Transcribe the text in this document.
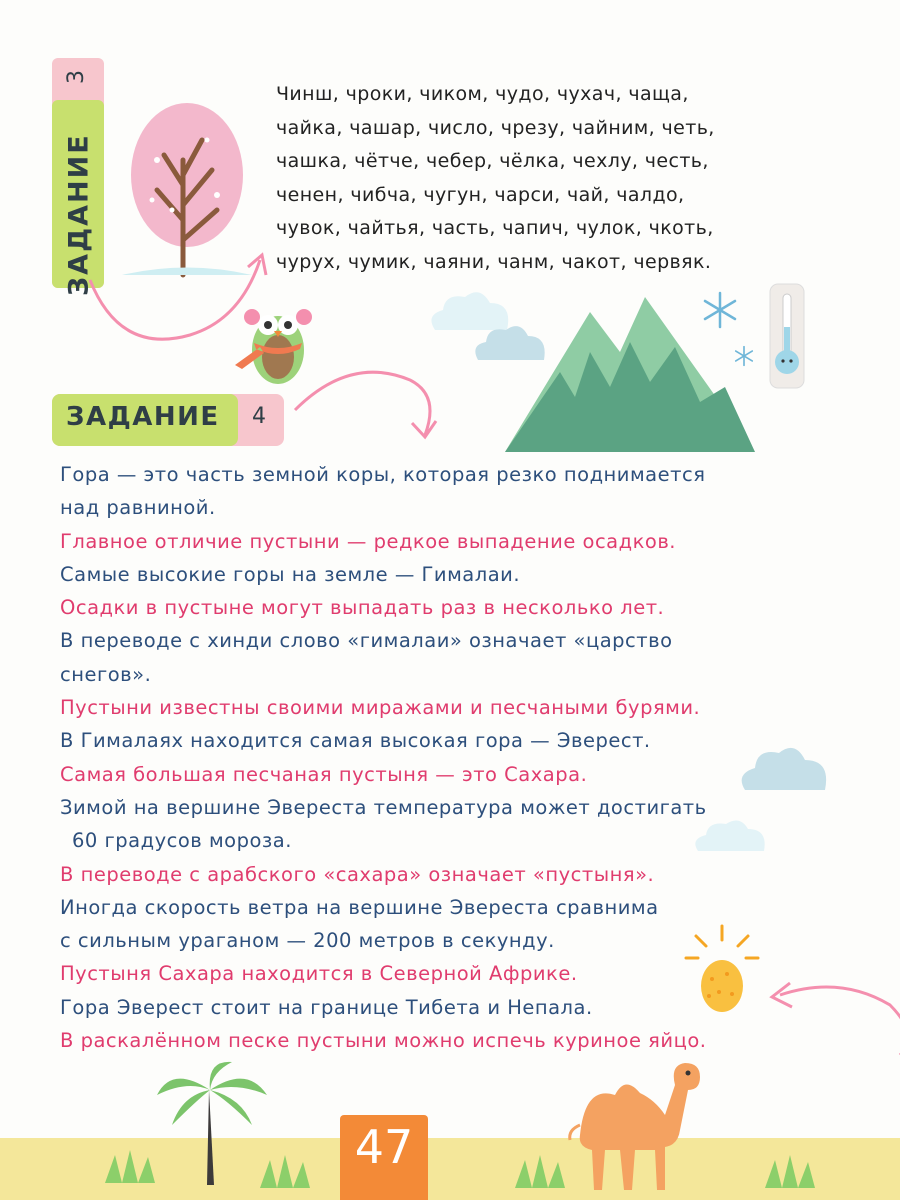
ЗАДАНИЕ
3
Чинш, чроки, чиком, чудо, чухач, чаща,
чайка, чашар, число, чрезу, чайним, четь,
чашка, чётче, чебер, чёлка, чехлу, честь,
ченен, чибча, чугун, чарси, чай, чалдо,
чувок, чайтья, часть, чапич, чулок, чкоть,
чурух, чумик, чаяни, чанм, чакот, червяк.
ЗАДАНИЕ 4
Гора — это часть земной коры, которая резко поднимается
над равниной.
Главное отличие пустыни — редкое выпадение осадков.
Самые высокие горы на земле — Гималаи.
Осадки в пустыне могут выпадать раз в несколько лет.
В переводе с хинди слово «гималаи» означает «царство
снегов».
Пустыни известны своими миражами и песчаными бурями.
В Гималаях находится самая высокая гора — Эверест.
Самая большая песчаная пустыня — это Сахара.
Зимой на вершине Эвереста температура может достигать
60 градусов мороза.
В переводе с арабского «сахара» означает «пустыня».
Иногда скорость ветра на вершине Эвереста сравнима
с сильным ураганом — 200 метров в секунду.
Пустыня Сахара находится в Северной Африке.
Гора Эверест стоит на границе Тибета и Непала.
В раскалённом песке пустыни можно испечь куриное яйцо.
47
